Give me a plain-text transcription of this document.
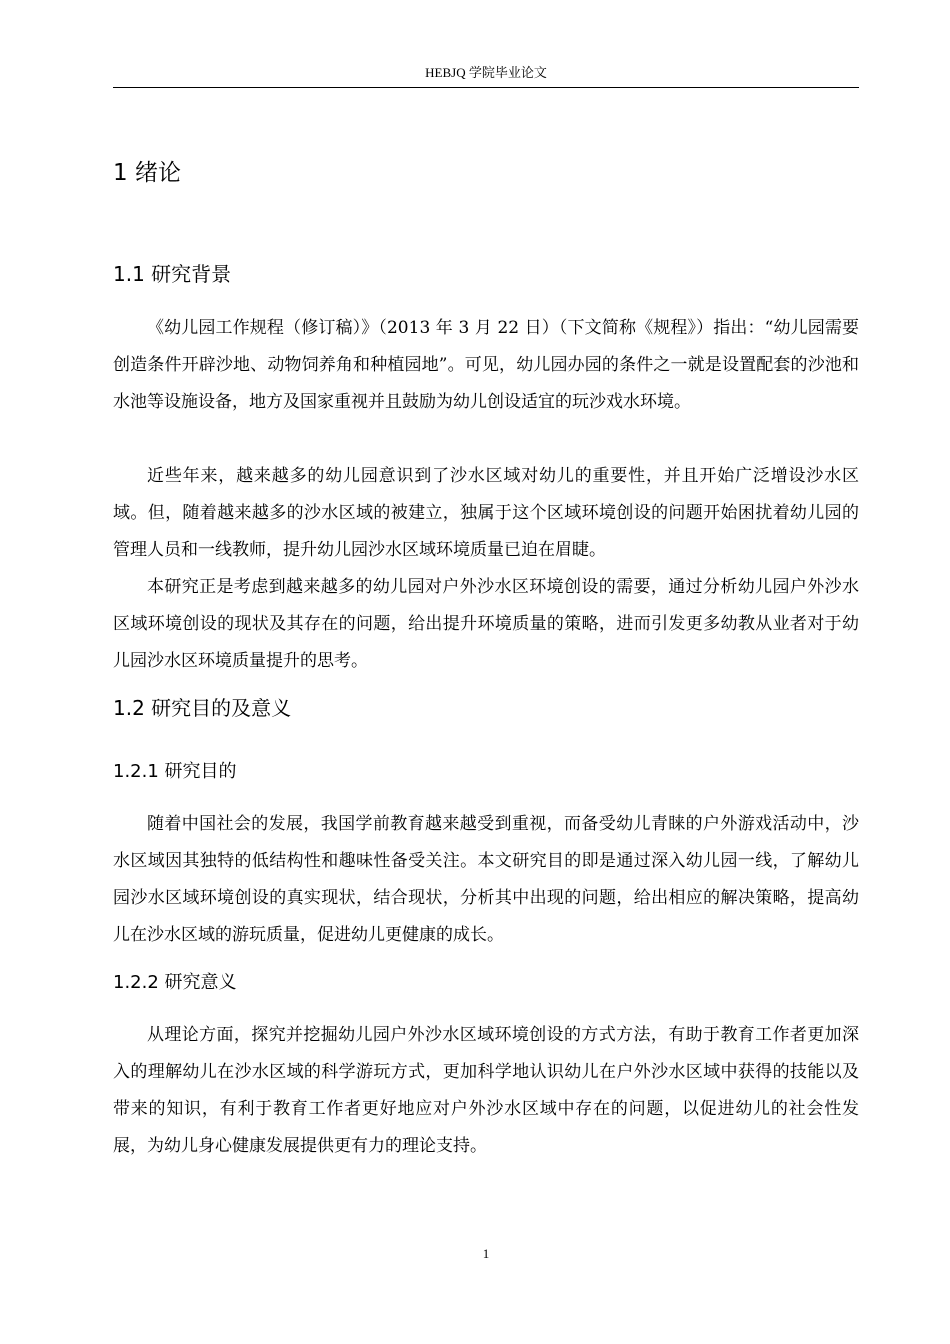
HEBJQ 学院毕业论文
1 绪论
1.1 研究背景

《幼儿园工作规程（修订稿）》（2013 年 3 月 22 日）（下文简称《规程》）指出：“幼儿园需要创造条件开辟沙地、动物饲养角和种植园地”。可见，幼儿园办园的条件之一就是设置配套的沙池和水池等设施设备，地方及国家重视并且鼓励为幼儿创设适宜的玩沙戏水环境。

近些年来，越来越多的幼儿园意识到了沙水区域对幼儿的重要性，并且开始广泛增设沙水区域。但，随着越来越多的沙水区域的被建立，独属于这个区域环境创设的问题开始困扰着幼儿园的管理人员和一线教师，提升幼儿园沙水区域环境质量已迫在眉睫。

本研究正是考虑到越来越多的幼儿园对户外沙水区环境创设的需要，通过分析幼儿园户外沙水区域环境创设的现状及其存在的问题，给出提升环境质量的策略，进而引发更多幼教从业者对于幼儿园沙水区环境质量提升的思考。

1.2 研究目的及意义
1.2.1 研究目的

随着中国社会的发展，我国学前教育越来越受到重视，而备受幼儿青睐的户外游戏活动中，沙水区域因其独特的低结构性和趣味性备受关注。本文研究目的即是通过深入幼儿园一线，了解幼儿园沙水区域环境创设的真实现状，结合现状，分析其中出现的问题，给出相应的解决策略，提高幼儿在沙水区域的游玩质量，促进幼儿更健康的成长。

1.2.2 研究意义

从理论方面，探究并挖掘幼儿园户外沙水区域环境创设的方式方法，有助于教育工作者更加深入的理解幼儿在沙水区域的科学游玩方式，更加科学地认识幼儿在户外沙水区域中获得的技能以及带来的知识，有利于教育工作者更好地应对户外沙水区域中存在的问题，以促进幼儿的社会性发展，为幼儿身心健康发展提供更有力的理论支持。

1
